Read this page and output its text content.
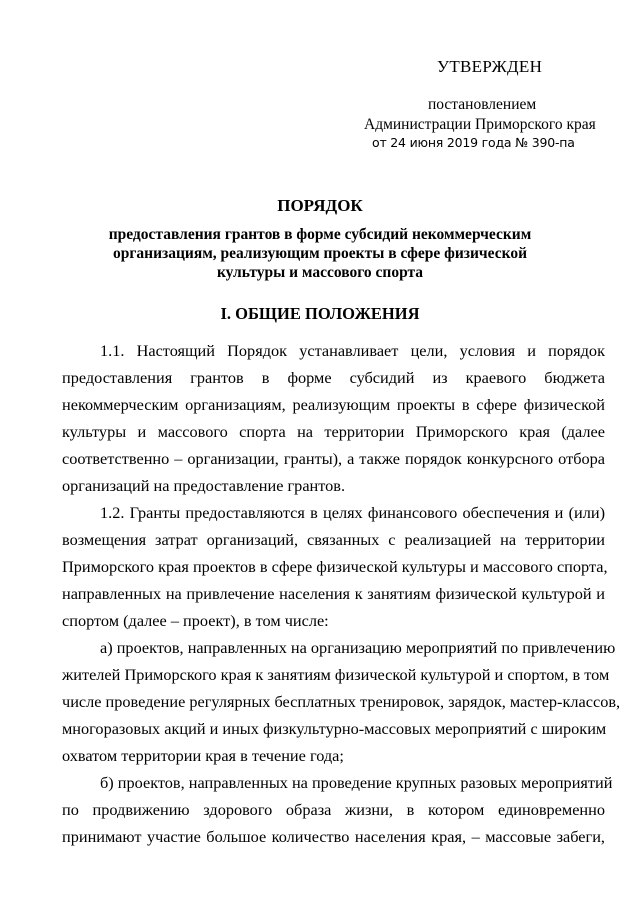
УТВЕРЖДЕН
постановлением
Администрации Приморского края
от 24 июня 2019 года № 390-па
ПОРЯДОК
предоставления грантов в форме субсидий некоммерческим
организациям, реализующим проекты в сфере физической
культуры и массового спорта
I. ОБЩИЕ ПОЛОЖЕНИЯ
1.1. Настоящий Порядок устанавливает цели, условия и порядок
предоставления грантов в форме субсидий из краевого бюджета
некоммерческим организациям, реализующим проекты в сфере физической
культуры и массового спорта на территории Приморского края (далее
соответственно – организации, гранты), а также порядок конкурсного отбора
организаций на предоставление грантов.
1.2. Гранты предоставляются в целях финансового обеспечения и (или)
возмещения затрат организаций, связанных с реализацией на территории
Приморского края проектов в сфере физической культуры и массового спорта,
направленных на привлечение населения к занятиям физической культурой и
спортом (далее – проект), в том числе:
а) проектов, направленных на организацию мероприятий по привлечению
жителей Приморского края к занятиям физической культурой и спортом, в том
числе проведение регулярных бесплатных тренировок, зарядок, мастер-классов,
многоразовых акций и иных физкультурно-массовых мероприятий с широким
охватом территории края в течение года;
б) проектов, направленных на проведение крупных разовых мероприятий
по продвижению здорового образа жизни, в котором единовременно
принимают участие большое количество населения края, – массовые забеги,
